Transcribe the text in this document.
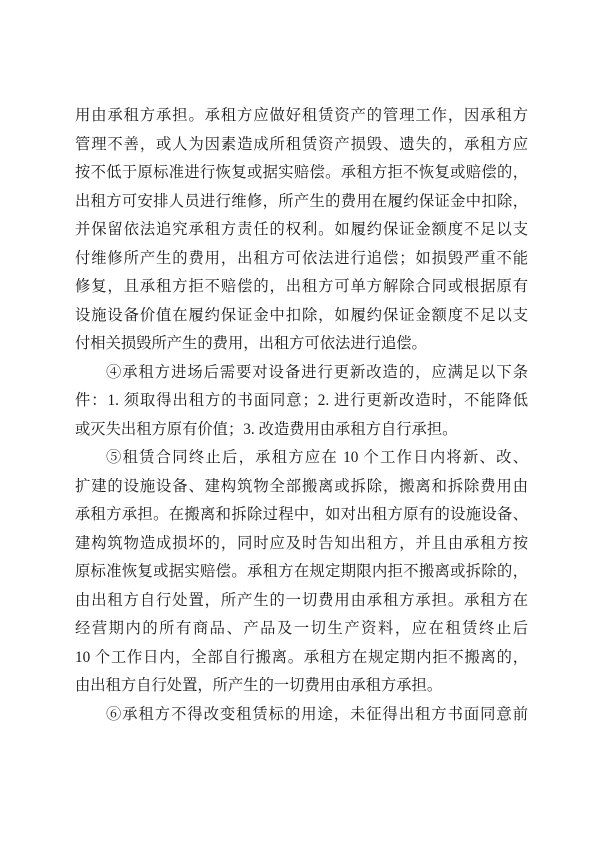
用由承租方承担。承租方应做好租赁资产的管理工作，因承租方
管理不善，或人为因素造成所租赁资产损毁、遗失的，承租方应
按不低于原标准进行恢复或据实赔偿。承租方拒不恢复或赔偿的，
出租方可安排人员进行维修，所产生的费用在履约保证金中扣除，
并保留依法追究承租方责任的权利。如履约保证金额度不足以支
付维修所产生的费用，出租方可依法进行追偿；如损毁严重不能
修复，且承租方拒不赔偿的，出租方可单方解除合同或根据原有
设施设备价值在履约保证金中扣除，如履约保证金额度不足以支
付相关损毁所产生的费用，出租方可依法进行追偿。
④承租方进场后需要对设备进行更新改造的，应满足以下条
件：1. 须取得出租方的书面同意；2. 进行更新改造时，不能降低
或灭失出租方原有价值；3. 改造费用由承租方自行承担。
⑤租赁合同终止后，承租方应在 10 个工作日内将新、改、
扩建的设施设备、建构筑物全部搬离或拆除，搬离和拆除费用由
承租方承担。在搬离和拆除过程中，如对出租方原有的设施设备、
建构筑物造成损坏的，同时应及时告知出租方，并且由承租方按
原标准恢复或据实赔偿。承租方在规定期限内拒不搬离或拆除的，
由出租方自行处置，所产生的一切费用由承租方承担。承租方在
经营期内的所有商品、产品及一切生产资料，应在租赁终止后
10 个工作日内，全部自行搬离。承租方在规定期内拒不搬离的，
由出租方自行处置，所产生的一切费用由承租方承担。
⑥承租方不得改变租赁标的用途，未征得出租方书面同意前
